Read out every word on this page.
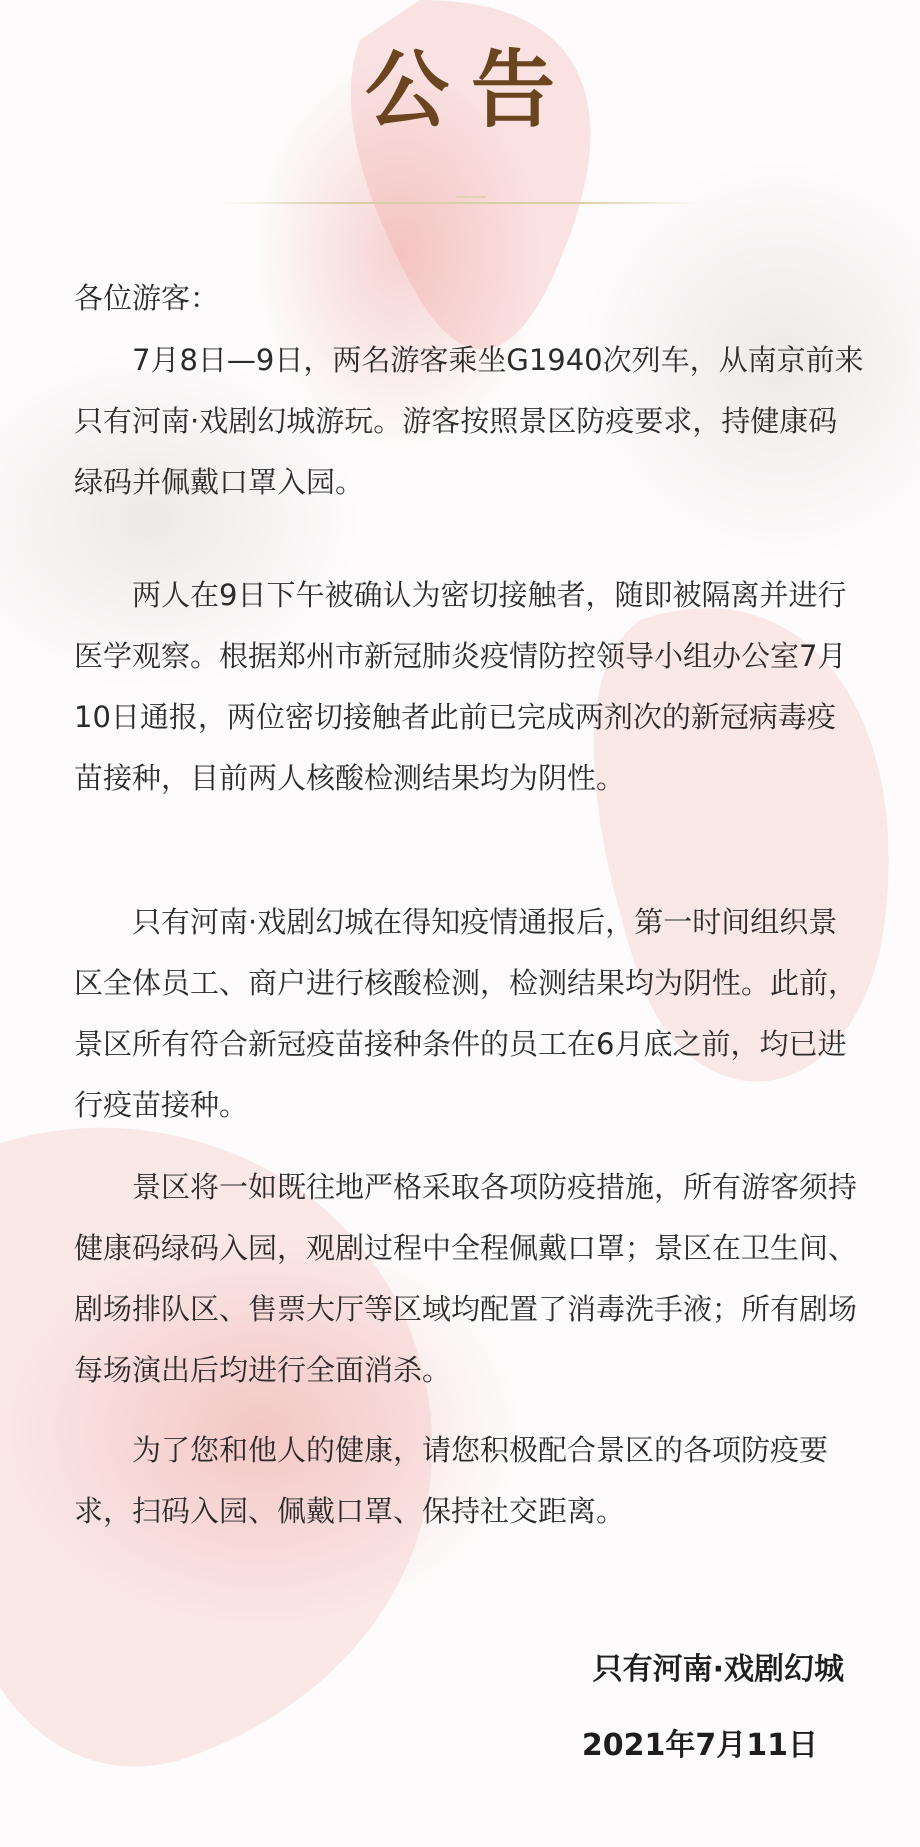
公告

各位游客：

7月8日—9日，两名游客乘坐G1940次列车，从南京前来只有河南·戏剧幻城游玩。游客按照景区防疫要求，持健康码绿码并佩戴口罩入园。

两人在9日下午被确认为密切接触者，随即被隔离并进行医学观察。根据郑州市新冠肺炎疫情防控领导小组办公室7月10日通报，两位密切接触者此前已完成两剂次的新冠病毒疫苗接种，目前两人核酸检测结果均为阴性。

只有河南·戏剧幻城在得知疫情通报后，第一时间组织景区全体员工、商户进行核酸检测，检测结果均为阴性。此前，景区所有符合新冠疫苗接种条件的员工在6月底之前，均已进行疫苗接种。

景区将一如既往地严格采取各项防疫措施，所有游客须持健康码绿码入园，观剧过程中全程佩戴口罩；景区在卫生间、剧场排队区、售票大厅等区域均配置了消毒洗手液；所有剧场每场演出后均进行全面消杀。

为了您和他人的健康，请您积极配合景区的各项防疫要求，扫码入园、佩戴口罩、保持社交距离。

只有河南·戏剧幻城

2021年7月11日
